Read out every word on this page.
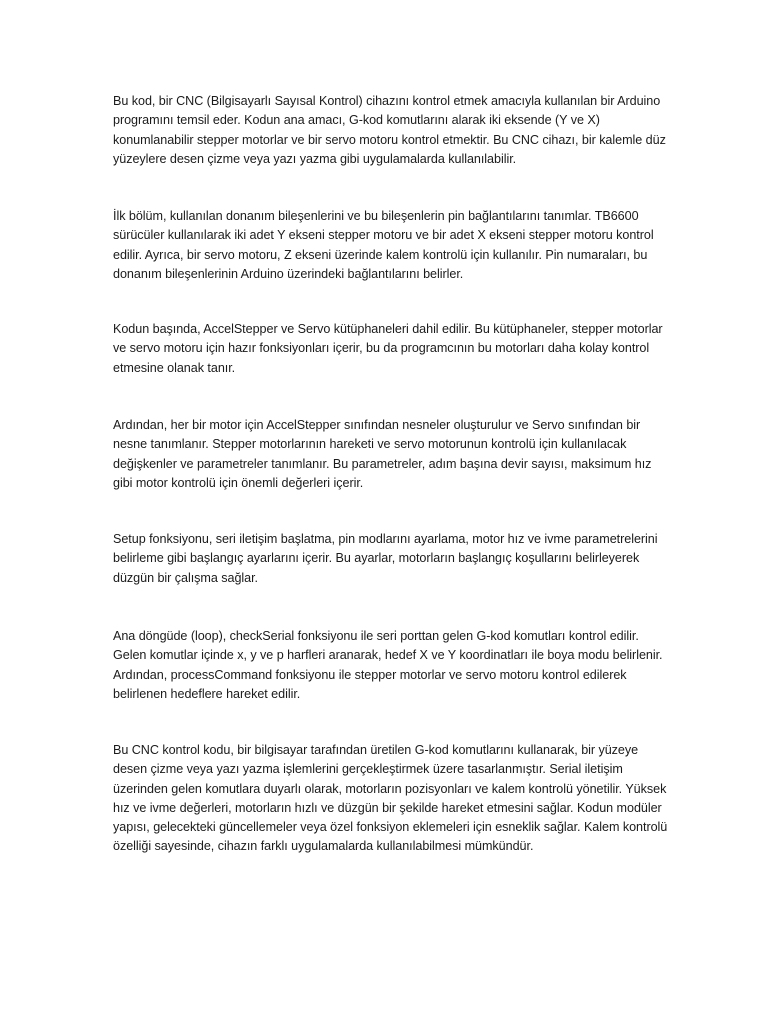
Bu kod, bir CNC (Bilgisayarlı Sayısal Kontrol) cihazını kontrol etmek amacıyla kullanılan bir Arduino programını temsil eder. Kodun ana amacı, G-kod komutlarını alarak iki eksende (Y ve X) konumlanabilir stepper motorlar ve bir servo motoru kontrol etmektir. Bu CNC cihazı, bir kalemle düz yüzeylere desen çizme veya yazı yazma gibi uygulamalarda kullanılabilir.

İlk bölüm, kullanılan donanım bileşenlerini ve bu bileşenlerin pin bağlantılarını tanımlar. TB6600 sürücüler kullanılarak iki adet Y ekseni stepper motoru ve bir adet X ekseni stepper motoru kontrol edilir. Ayrıca, bir servo motoru, Z ekseni üzerinde kalem kontrolü için kullanılır. Pin numaraları, bu donanım bileşenlerinin Arduino üzerindeki bağlantılarını belirler.

Kodun başında, AccelStepper ve Servo kütüphaneleri dahil edilir. Bu kütüphaneler, stepper motorlar ve servo motoru için hazır fonksiyonları içerir, bu da programcının bu motorları daha kolay kontrol etmesine olanak tanır.

Ardından, her bir motor için AccelStepper sınıfından nesneler oluşturulur ve Servo sınıfından bir nesne tanımlanır. Stepper motorlarının hareketi ve servo motorunun kontrolü için kullanılacak değişkenler ve parametreler tanımlanır. Bu parametreler, adım başına devir sayısı, maksimum hız gibi motor kontrolü için önemli değerleri içerir.

Setup fonksiyonu, seri iletişim başlatma, pin modlarını ayarlama, motor hız ve ivme parametrelerini belirleme gibi başlangıç ayarlarını içerir. Bu ayarlar, motorların başlangıç koşullarını belirleyerek düzgün bir çalışma sağlar.

Ana döngüde (loop), checkSerial fonksiyonu ile seri porttan gelen G-kod komutları kontrol edilir. Gelen komutlar içinde x, y ve p harfleri aranarak, hedef X ve Y koordinatları ile boya modu belirlenir. Ardından, processCommand fonksiyonu ile stepper motorlar ve servo motoru kontrol edilerek belirlenen hedeflere hareket edilir.

Bu CNC kontrol kodu, bir bilgisayar tarafından üretilen G-kod komutlarını kullanarak, bir yüzeye desen çizme veya yazı yazma işlemlerini gerçekleştirmek üzere tasarlanmıştır. Serial iletişim üzerinden gelen komutlara duyarlı olarak, motorların pozisyonları ve kalem kontrolü yönetilir. Yüksek hız ve ivme değerleri, motorların hızlı ve düzgün bir şekilde hareket etmesini sağlar. Kodun modüler yapısı, gelecekteki güncellemeler veya özel fonksiyon eklemeleri için esneklik sağlar. Kalem kontrolü özelliği sayesinde, cihazın farklı uygulamalarda kullanılabilmesi mümkündür.
